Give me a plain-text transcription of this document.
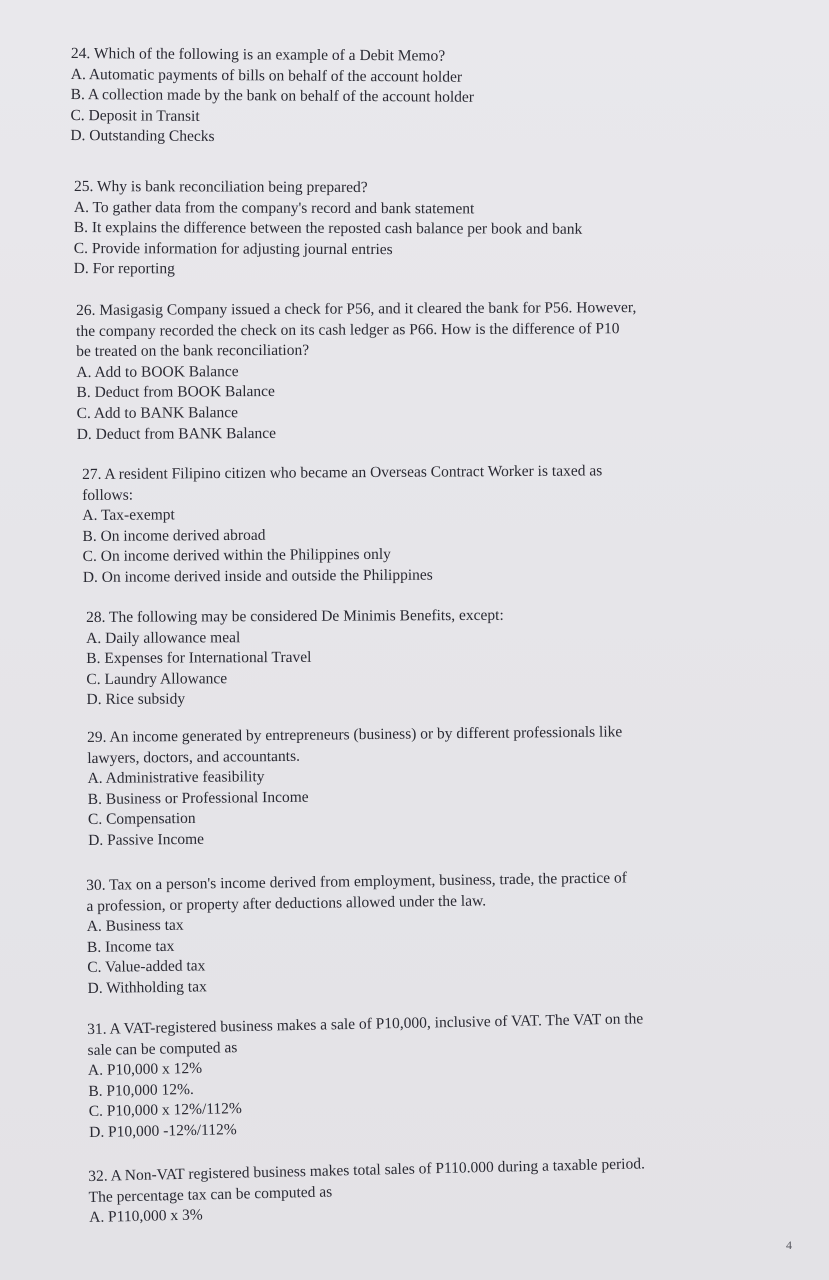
24. Which of the following is an example of a Debit Memo?

A. Automatic payments of bills on behalf of the account holder

B. A collection made by the bank on behalf of the account holder

C. Deposit in Transit

D. Outstanding Checks

25. Why is bank reconciliation being prepared?

A. To gather data from the company's record and bank statement

B. It explains the difference between the reposted cash balance per book and bank

C. Provide information for adjusting journal entries

D. For reporting

26. Masigasig Company issued a check for P56, and it cleared the bank for P56. However,

the company recorded the check on its cash ledger as P66. How is the difference of P10

be treated on the bank reconciliation?

A. Add to BOOK Balance

B. Deduct from BOOK Balance

C. Add to BANK Balance

D. Deduct from BANK Balance

27. A resident Filipino citizen who became an Overseas Contract Worker is taxed as

follows:

A. Tax-exempt

B. On income derived abroad

C. On income derived within the Philippines only

D. On income derived inside and outside the Philippines

28. The following may be considered De Minimis Benefits, except:

A. Daily allowance meal

B. Expenses for International Travel

C. Laundry Allowance

D. Rice subsidy

29. An income generated by entrepreneurs (business) or by different professionals like

lawyers, doctors, and accountants.

A. Administrative feasibility

B. Business or Professional Income

C. Compensation

D. Passive Income

30. Tax on a person's income derived from employment, business, trade, the practice of

a profession, or property after deductions allowed under the law.

A. Business tax

B. Income tax

C. Value-added tax

D. Withholding tax

31. A VAT-registered business makes a sale of P10,000, inclusive of VAT. The VAT on the

sale can be computed as

A. P10,000 x 12%

B. P10,000 12%.

C. P10,000 x 12%/112%

D. P10,000 -12%/112%

32. A Non-VAT registered business makes total sales of P110.000 during a taxable period.

The percentage tax can be computed as

A. P110,000 x 3%

4
